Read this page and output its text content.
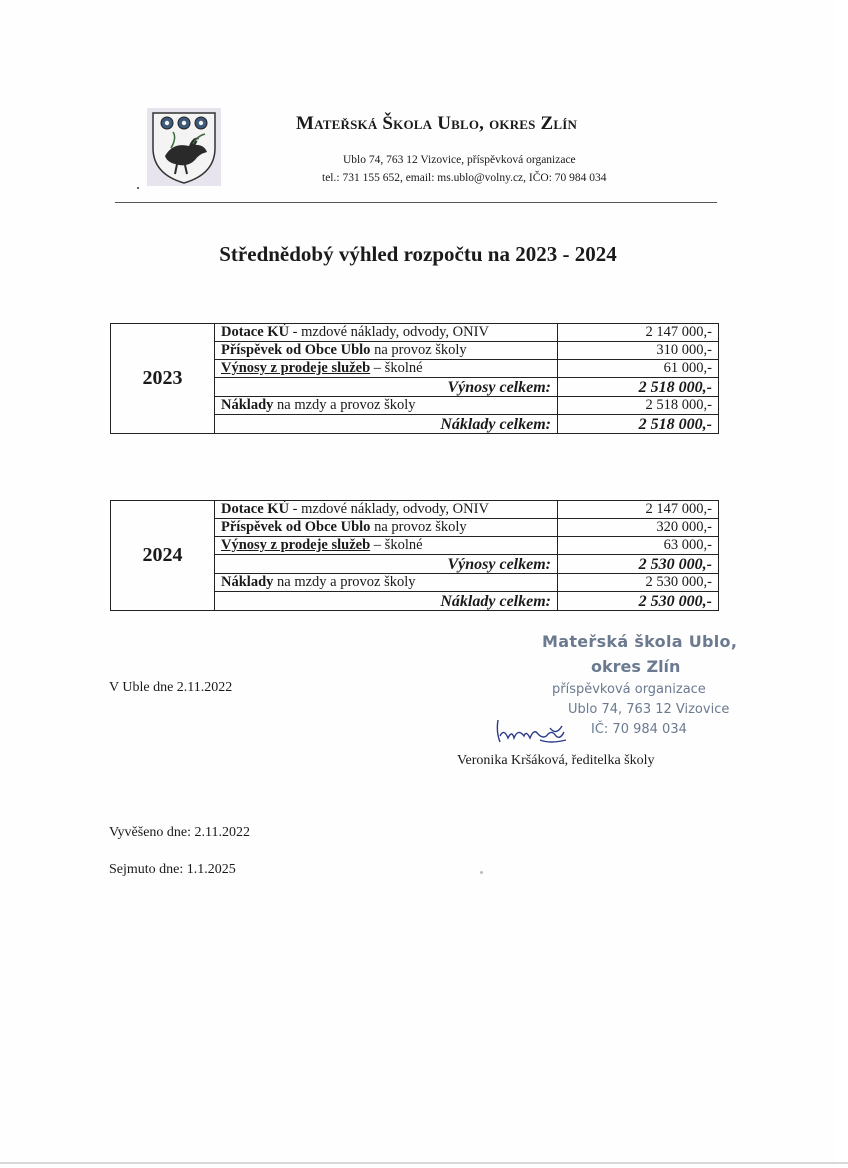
Mateřská Škola Ublo, okres Zlín
Ublo 74, 763 12 Vizovice, příspěvková organizace
tel.: 731 155 652, email: ms.ublo@volny.cz, IČO: 70 984 034
Střednědobý výhled rozpočtu na 2023 - 2024
2023	Dotace KÚ - mzdové náklady, odvody, ONIV	2 147 000,-
	Příspěvek od Obce Ublo na provoz školy	310 000,-
	Výnosy z prodeje služeb – školné	61 000,-
	Výnosy celkem:	2 518 000,-
	Náklady na mzdy a provoz školy	2 518 000,-
	Náklady celkem:	2 518 000,-
2024	Dotace KÚ - mzdové náklady, odvody, ONIV	2 147 000,-
	Příspěvek od Obce Ublo na provoz školy	320 000,-
	Výnosy z prodeje služeb – školné	63 000,-
	Výnosy celkem:	2 530 000,-
	Náklady na mzdy a provoz školy	2 530 000,-
	Náklady celkem:	2 530 000,-
V Uble dne 2.11.2022
Mateřská škola Ublo,
okres Zlín
příspěvková organizace
Ublo 74, 763 12 Vizovice
IČ: 70 984 034
Veronika Kršáková, ředitelka školy
Vyvěšeno dne: 2.11.2022
Sejmuto dne: 1.1.2025
